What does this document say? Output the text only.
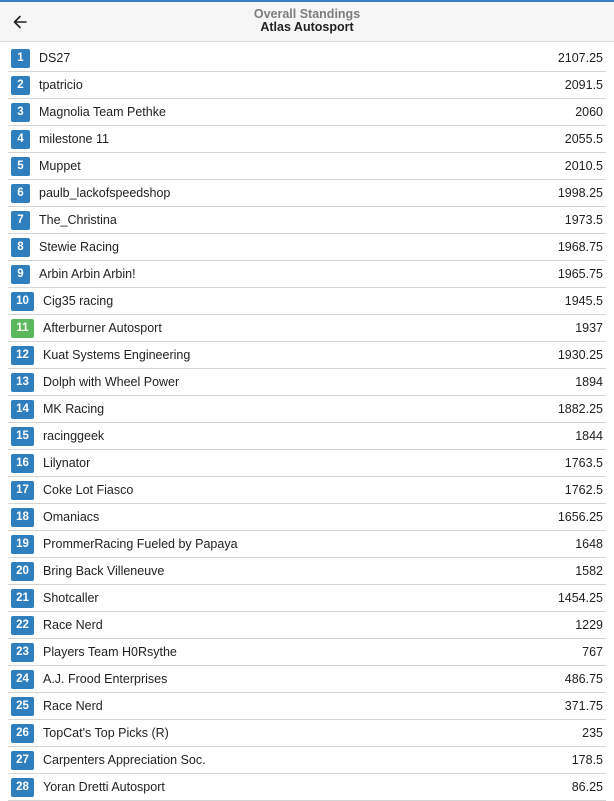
Overall Standings
Atlas Autosport
1	DS27	2107.25
2	tpatricio	2091.5
3	Magnolia Team Pethke	2060
4	milestone 11	2055.5
5	Muppet	2010.5
6	paulb_lackofspeedshop	1998.25
7	The_Christina	1973.5
8	Stewie Racing	1968.75
9	Arbin Arbin Arbin!	1965.75
10	Cig35 racing	1945.5
11	Afterburner Autosport	1937
12	Kuat Systems Engineering	1930.25
13	Dolph with Wheel Power	1894
14	MK Racing	1882.25
15	racinggeek	1844
16	Lilynator	1763.5
17	Coke Lot Fiasco	1762.5
18	Omaniacs	1656.25
19	PrommerRacing Fueled by Papaya	1648
20	Bring Back Villeneuve	1582
21	Shotcaller	1454.25
22	Race Nerd	1229
23	Players Team H0Rsythe	767
24	A.J. Frood Enterprises	486.75
25	Race Nerd	371.75
26	TopCat's Top Picks (R)	235
27	Carpenters Appreciation Soc.	178.5
28	Yoran Dretti Autosport	86.25
